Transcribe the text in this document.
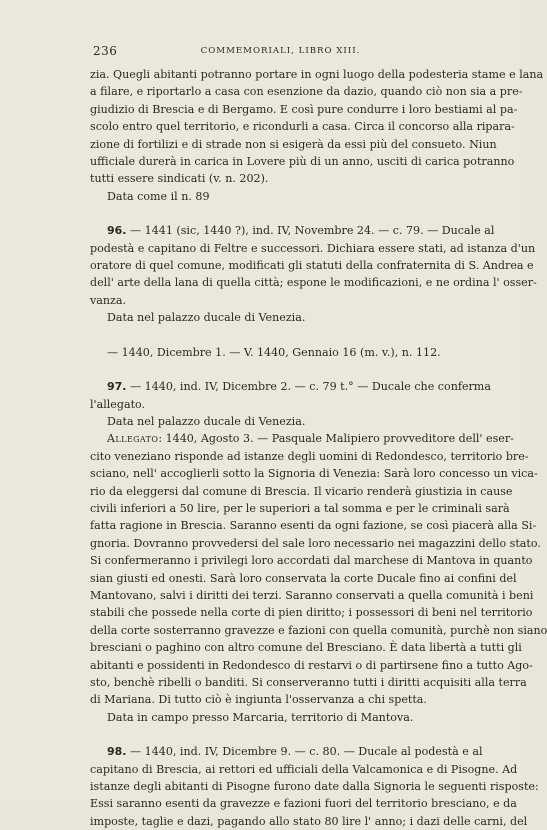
236	COMMEMORIALI, LIBRO XIII.
zia. Quegli abitanti potranno portare in ogni luogo della podesteria stame e lana
a filare, e riportarlo a casa con esenzione da dazio, quando ciò non sia a pre-
giudizio di Brescia e di Bergamo. E così pure condurre i loro bestiami al pa-
scolo entro quel territorio, e ricondurli a casa. Circa il concorso alla ripara-
zione di fortilizi e di strade non si esigerà da essi più del consueto. Niun
ufficiale durerà in carica in Lovere più di un anno, usciti di carica potranno
tutti essere sindicati (v. n. 202).
Data come il n. 89
96. — 1441 (sic, 1440 ?), ind. IV, Novembre 24. — c. 79. — Ducale al
podestà e capitano di Feltre e successori. Dichiara essere stati, ad istanza d'un
oratore di quel comune, modificati gli statuti della confraternita di S. Andrea e
dell' arte della lana di quella città; espone le modificazioni, e ne ordina l' osser-
vanza.
Data nel palazzo ducale di Venezia.
— 1440, Dicembre 1. — V. 1440, Gennaio 16 (m. v.), n. 112.
97. — 1440, ind. IV, Dicembre 2. — c. 79 t.° — Ducale che conferma
l'allegato.
Data nel palazzo ducale di Venezia.
Allegato: 1440, Agosto 3. — Pasquale Malipiero provveditore dell' eser-
cito veneziano risponde ad istanze degli uomini di Redondesco, territorio bre-
sciano, nell' accoglierli sotto la Signoria di Venezia: Sarà loro concesso un vica-
rio da eleggersi dal comune di Brescia. Il vicario renderà giustizia in cause
civili inferiori a 50 lire, per le superiori a tal somma e per le criminali sarà
fatta ragione in Brescia. Saranno esenti da ogni fazione, se così piacerà alla Si-
gnoria. Dovranno provvedersi del sale loro necessario nei magazzini dello stato.
Si confermeranno i privilegi loro accordati dal marchese di Mantova in quanto
sian giusti ed onesti. Sarà loro conservata la corte Ducale fino ai confini del
Mantovano, salvi i diritti dei terzi. Saranno conservati a quella comunità i beni
stabili che possede nella corte di pien diritto; i possessori di beni nel territorio
della corte sosterranno gravezze e fazioni con quella comunità, purchè non siano
bresciani o paghino con altro comune del Bresciano. È data libertà a tutti gli
abitanti e possidenti in Redondesco di restarvi o di partirsene fino a tutto Ago-
sto, benchè ribelli o banditi. Si conserveranno tutti i diritti acquisiti alla terra
di Mariana. Di tutto ciò è ingiunta l'osservanza a chi spetta.
Data in campo presso Marcaria, territorio di Mantova.
98. — 1440, ind. IV, Dicembre 9. — c. 80. — Ducale al podestà e al
capitano di Brescia, ai rettori ed ufficiali della Valcamonica e di Pisogne. Ad
istanze degli abitanti di Pisogne furono date dalla Signoria le seguenti risposte:
Essi saranno esenti da gravezze e fazioni fuori del territorio bresciano, e da
imposte, taglie e dazi, pagando allo stato 80 lire l' anno; i dazi delle carni, del
